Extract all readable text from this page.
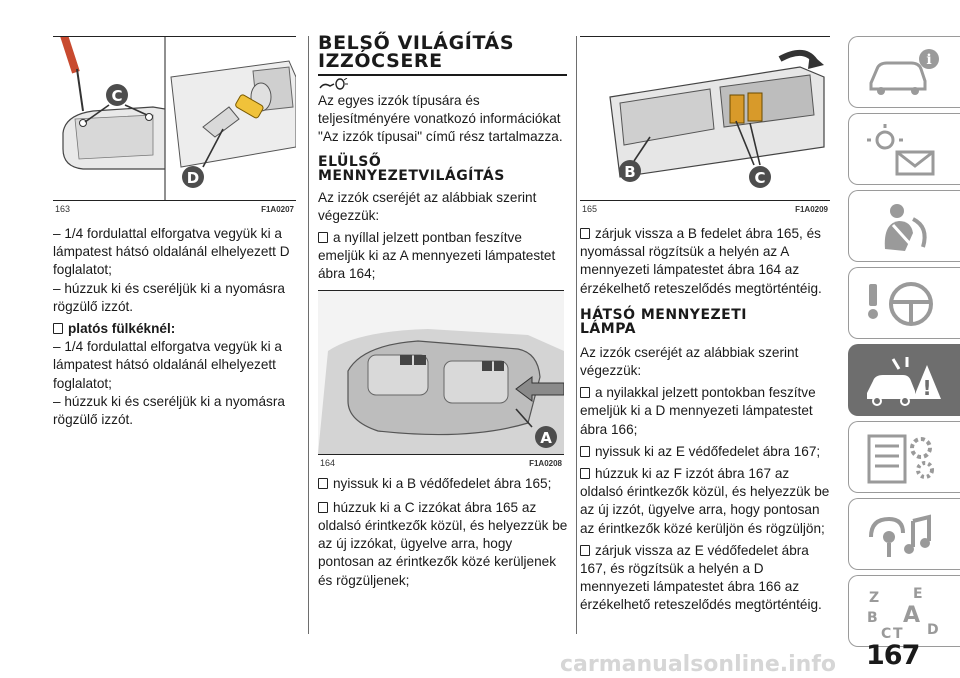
C
D
163	F1A0207

– 1/4 fordulattal elforgatva vegyük ki a lámpatest hátsó oldalánál elhelyezett D foglalatot;

– húzzuk ki és cseréljük ki a nyomásra rögzülő izzót.

platós fülkéknél:

– 1/4 fordulattal elforgatva vegyük ki a lámpatest hátsó oldalánál elhelyezett foglalatot;

– húzzuk ki és cseréljük ki a nyomásra rögzülő izzót.

BELSŐ VILÁGÍTÁS
IZZÓCSERE

Az egyes izzók típusára és teljesítményére vonatkozó információkat "Az izzók típusai" című rész tartalmazza.

ELÜLSŐ
MENNYEZETVILÁGÍTÁS

Az izzók cseréjét az alábbiak szerint végezzük:

a nyíllal jelzett pontban feszítve emeljük ki az A mennyezeti lámpatestet ábra 164;

A
164	F1A0208

nyissuk ki a B védőfedelet ábra 165;

húzzuk ki a C izzókat ábra 165 az oldalsó érintkezők közül, és helyezzük be az új izzókat, ügyelve arra, hogy pontosan az érintkezők közé kerüljenek és rögzüljenek;

B	C
165	F1A0209

zárjuk vissza a B fedelet ábra 165, és nyomással rögzítsük a helyén az A mennyezeti lámpatestet ábra 164 az érzékelhető reteszelődés megtörténtéig.

HÁTSÓ MENNYEZETI
LÁMPA

Az izzók cseréjét az alábbiak szerint végezzük:

a nyilakkal jelzett pontokban feszítve emeljük ki a D mennyezeti lámpatestet ábra 166;

nyissuk ki az E védőfedelet ábra 167;

húzzuk ki az F izzót ábra 167 az oldalsó érintkezők közül, és helyezzük be az új izzót, ügyelve arra, hogy pontosan az érintkezők közé kerüljön és rögzüljön;

zárjuk vissza az E védőfedelet ábra 167, és rögzítsük a helyén a D mennyezeti lámpatestet ábra 166 az érzékelhető reteszelődés megtörténtéig.

i
!
Z E
B A
C T D
167
carmanualsonline.info
